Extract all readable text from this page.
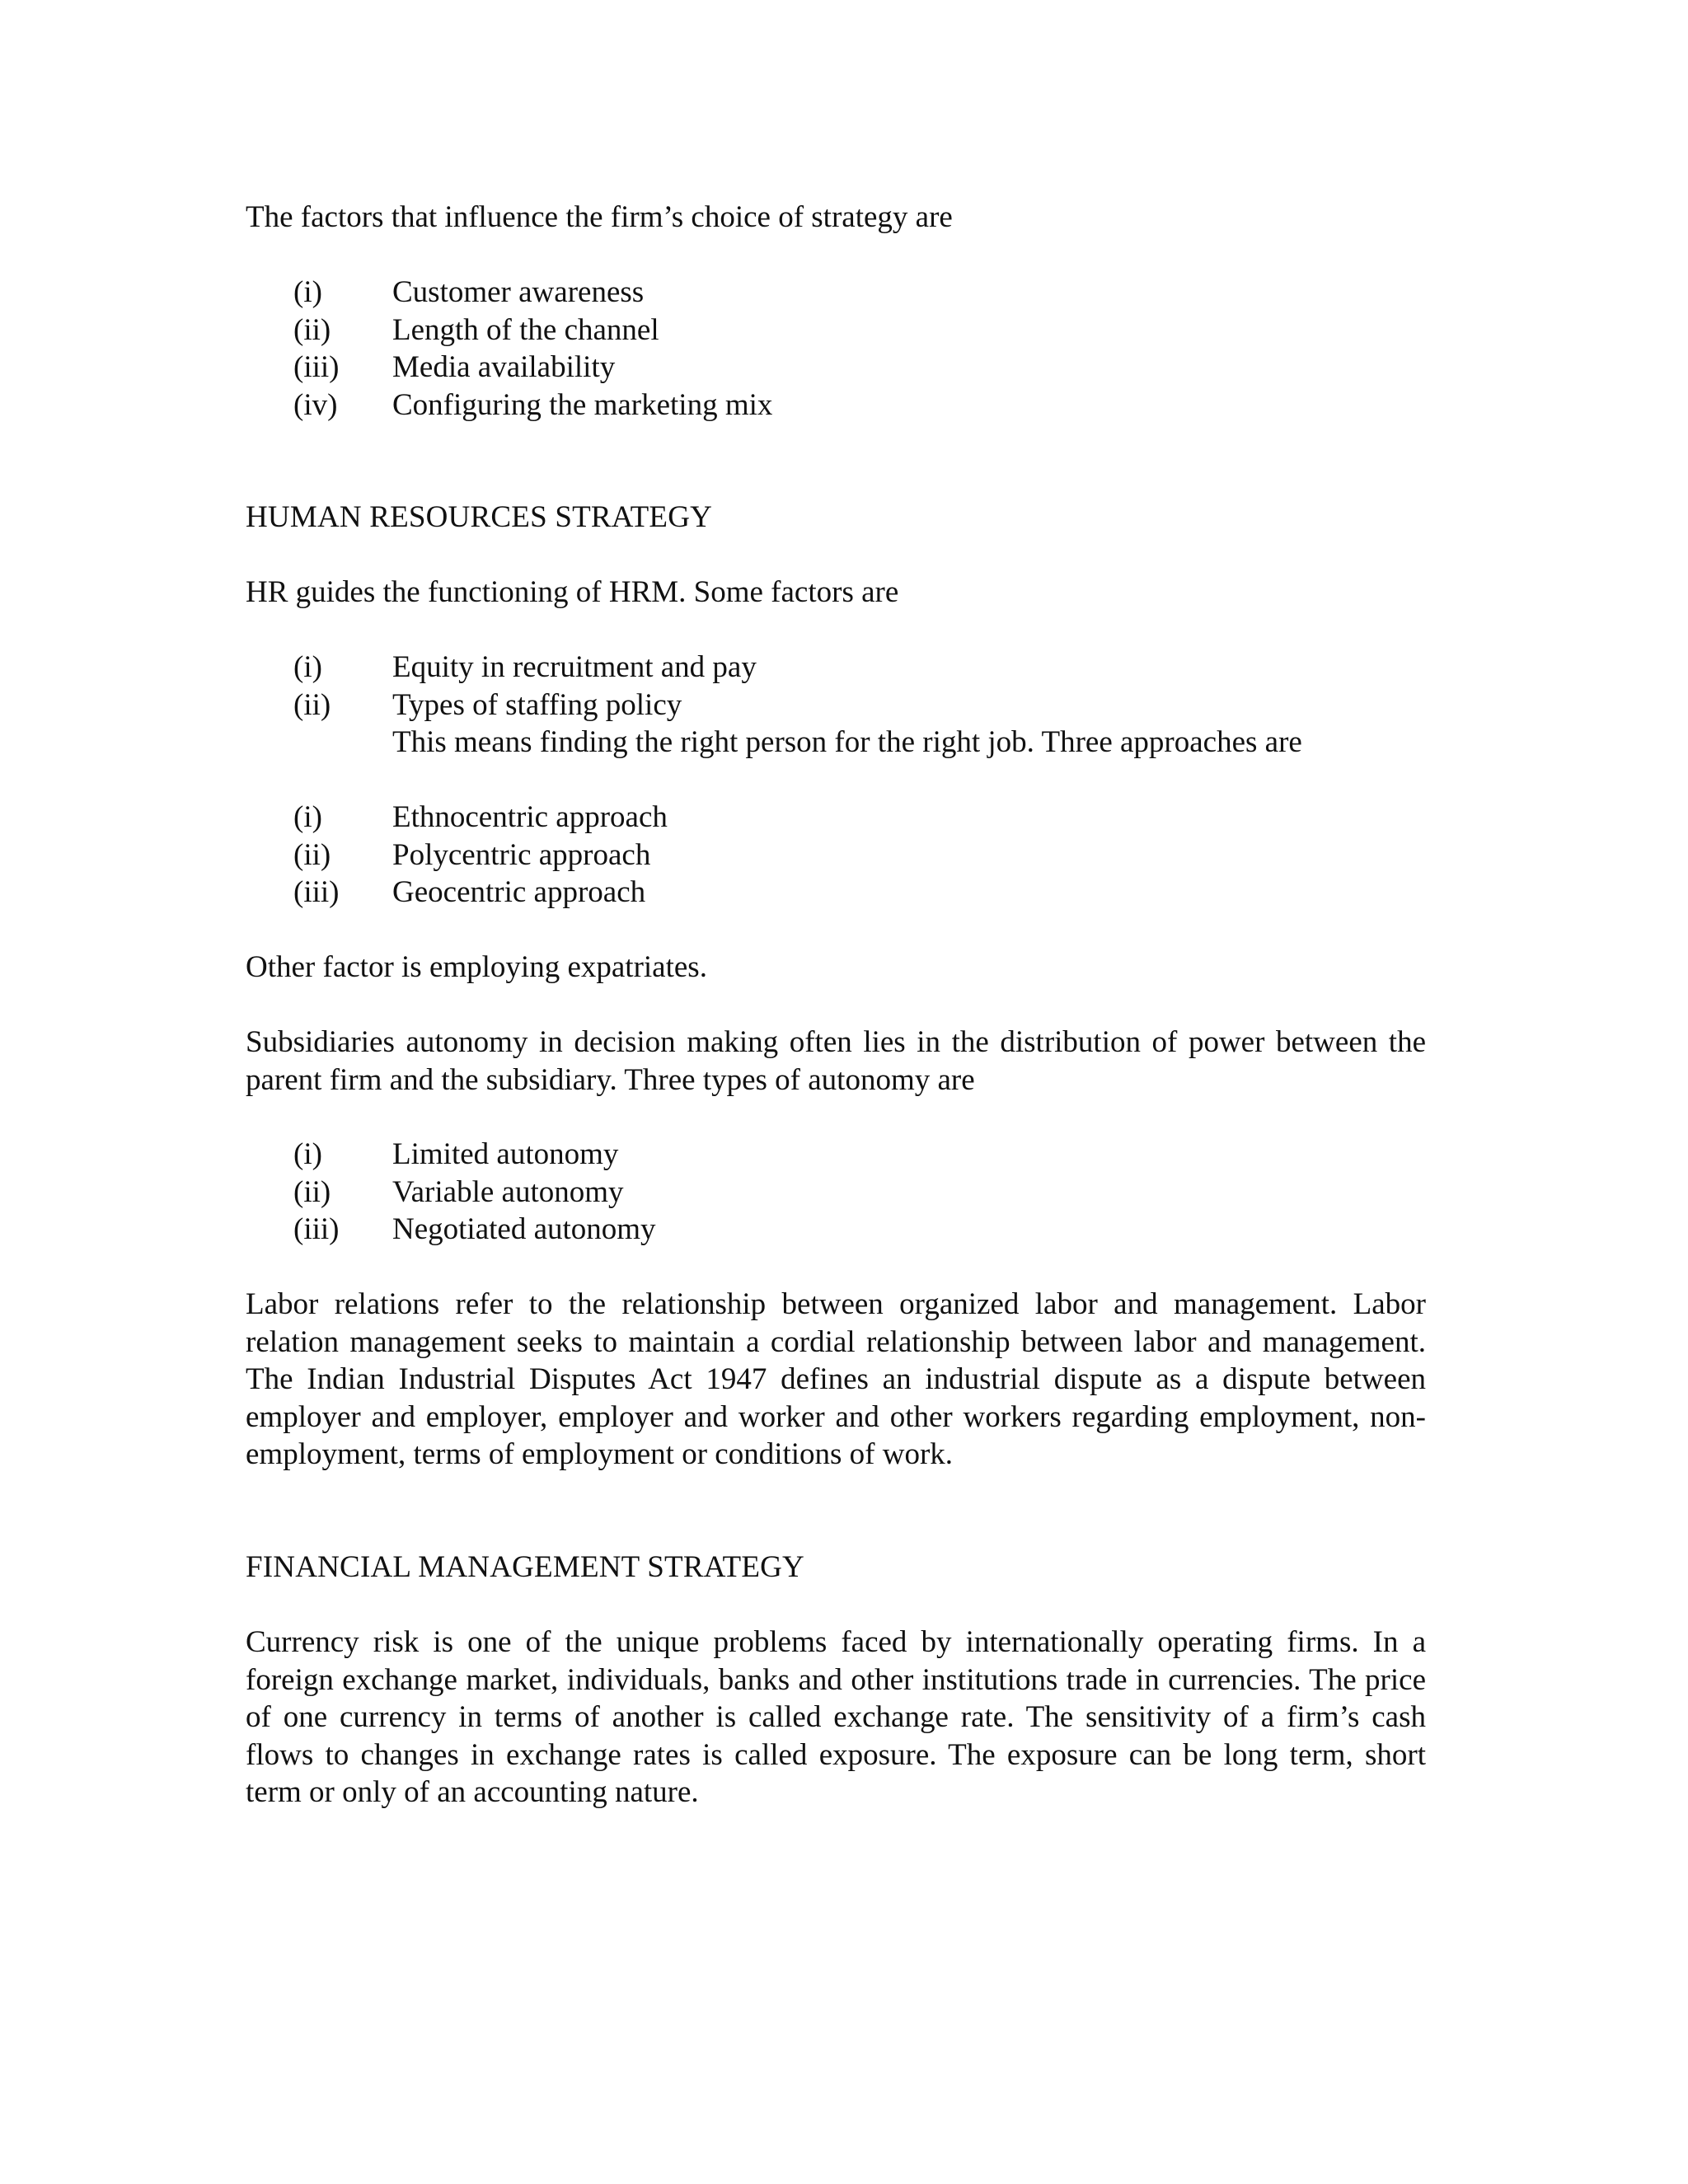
The factors that influence the firm’s choice of strategy are

(i)	Customer awareness
(ii)	Length of the channel
(iii)	Media availability
(iv)	Configuring the marketing mix
HUMAN RESOURCES STRATEGY

HR guides the functioning of HRM. Some factors are

(i)	Equity in recruitment and pay
(ii)	Types of staffing policy

This means finding the right person for the right job. Three approaches are

(i)	Ethnocentric approach
(ii)	Polycentric approach
(iii)	Geocentric approach

Other factor is employing expatriates.

Subsidiaries autonomy in decision making often lies in the distribution of power between the parent firm and the subsidiary. Three types of autonomy are

(i)	Limited autonomy
(ii)	Variable autonomy
(iii)	Negotiated autonomy

Labor relations refer to the relationship between organized labor and management. Labor relation management seeks to maintain a cordial relationship between labor and management. The Indian Industrial Disputes Act 1947 defines an industrial dispute as a dispute between employer and employer, employer and worker and other workers regarding employment, non-employment, terms of employment or conditions of work.

FINANCIAL MANAGEMENT STRATEGY

Currency risk is one of the unique problems faced by internationally operating firms. In a foreign exchange market, individuals, banks and other institutions trade in currencies. The price of one currency in terms of another is called exchange rate. The sensitivity of a firm’s cash flows to changes in exchange rates is called exposure. The exposure can be long term, short term or only of an accounting nature.
